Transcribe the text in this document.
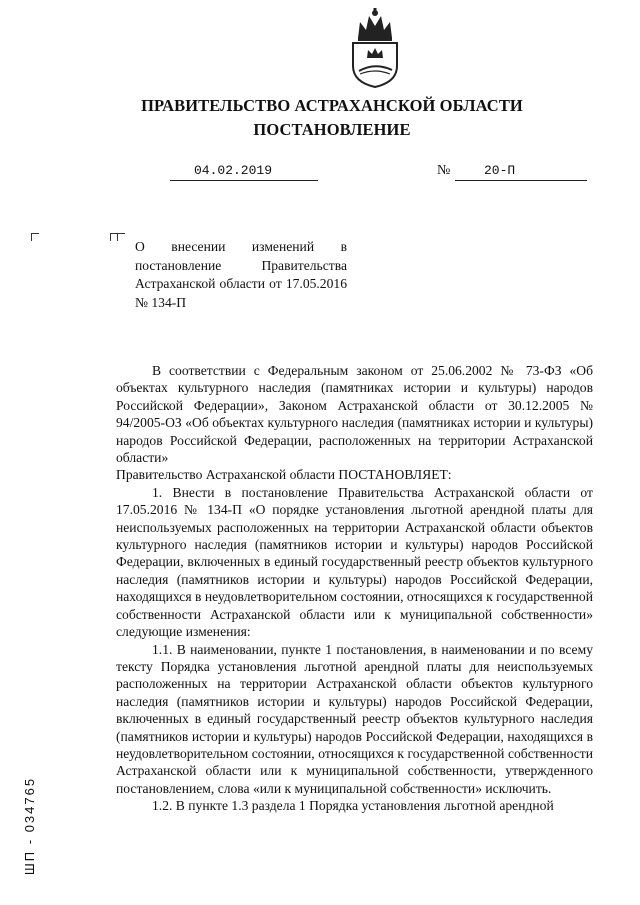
ПРАВИТЕЛЬСТВО АСТРАХАНСКОЙ ОБЛАСТИ
ПОСТАНОВЛЕНИЕ
04.02.2019	№	20-П
О внесении изменений в постановление Правительства Астраханской области от 17.05.2016 № 134-П

В соответствии с Федеральным законом от 25.06.2002 № 73-ФЗ «Об объектах культурного наследия (памятниках истории и культуры) народов Российской Федерации», Законом Астраханской области от 30.12.2005 № 94/2005-ОЗ «Об объектах культурного наследия (памятниках истории и культуры) народов Российской Федерации, расположенных на территории Астраханской области»

Правительство Астраханской области ПОСТАНОВЛЯЕТ:

1. Внести в постановление Правительства Астраханской области от 17.05.2016 № 134-П «О порядке установления льготной арендной платы для неиспользуемых расположенных на территории Астраханской области объектов культурного наследия (памятников истории и культуры) народов Российской Федерации, включенных в единый государственный реестр объектов культурного наследия (памятников истории и культуры) народов Российской Федерации, находящихся в неудовлетворительном состоянии, относящихся к государственной собственности Астраханской области или к муниципальной собственности» следующие изменения:

1.1. В наименовании, пункте 1 постановления, в наименовании и по всему тексту Порядка установления льготной арендной платы для неиспользуемых расположенных на территории Астраханской области объектов культурного наследия (памятников истории и культуры) народов Российской Федерации, включенных в единый государственный реестр объектов культурного наследия (памятников истории и культуры) народов Российской Федерации, находящихся в неудовлетворительном состоянии, относящихся к государственной собственности Астраханской области или к муниципальной собственности, утвержденного постановлением, слова «или к муниципальной собственности» исключить.

1.2. В пункте 1.3 раздела 1 Порядка установления льготной арендной

ШП - 034765
